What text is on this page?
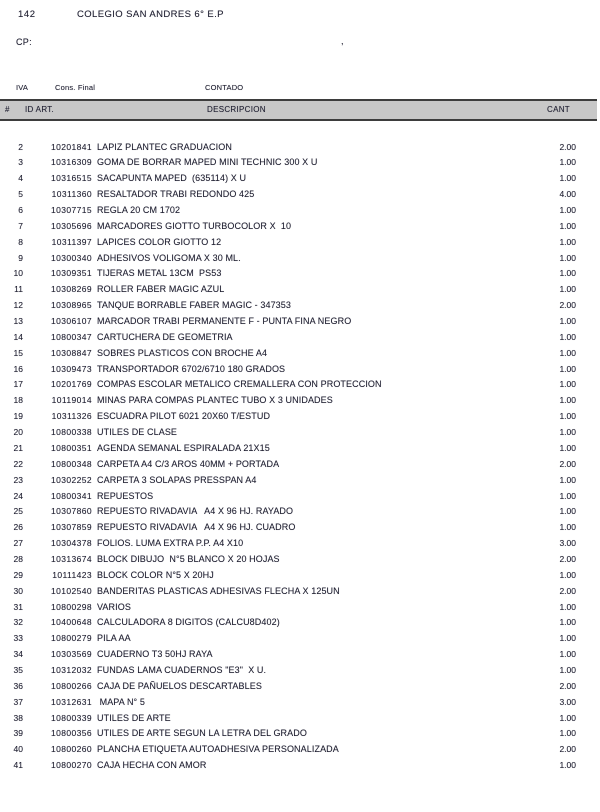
142	COLEGIO SAN ANDRES 6° E.P
CP:	,
IVA	Cons. Final	CONTADO
# ID ART.	DESCRIPCION	CANT
2	10201841 LAPIZ PLANTEC GRADUACION	2.00
3	10316309 GOMA DE BORRAR MAPED MINI TECHNIC 300 X U	1.00
4	10316515 SACAPUNTA MAPED  (635114) X U	1.00
5	10311360 RESALTADOR TRABI REDONDO 425	4.00
6	10307715 REGLA 20 CM 1702	1.00
7	10305696 MARCADORES GIOTTO TURBOCOLOR X  10	1.00
8	10311397 LAPICES COLOR GIOTTO 12	1.00
9	10300340 ADHESIVOS VOLIGOMA X 30 ML.	1.00
10	10309351 TIJERAS METAL 13CM  PS53	1.00
11	10308269 ROLLER FABER MAGIC AZUL	1.00
12	10308965 TANQUE BORRABLE FABER MAGIC - 347353	2.00
13	10306107 MARCADOR TRABI PERMANENTE F - PUNTA FINA NEGRO	1.00
14	10800347 CARTUCHERA DE GEOMETRIA	1.00
15	10308847 SOBRES PLASTICOS CON BROCHE A4	1.00
16	10309473 TRANSPORTADOR 6702/6710 180 GRADOS	1.00
17	10201769 COMPAS ESCOLAR METALICO CREMALLERA CON PROTECCION	1.00
18	10119014 MINAS PARA COMPAS PLANTEC TUBO X 3 UNIDADES	1.00
19	10311326 ESCUADRA PILOT 6021 20X60 T/ESTUD	1.00
20	10800338 UTILES DE CLASE	1.00
21	10800351 AGENDA SEMANAL ESPIRALADA 21X15	1.00
22	10800348 CARPETA A4 C/3 AROS 40MM + PORTADA	2.00
23	10302252 CARPETA 3 SOLAPAS PRESSPAN A4	1.00
24	10800341 REPUESTOS	1.00
25	10307860 REPUESTO RIVADAVIA   A4 X 96 HJ. RAYADO	1.00
26	10307859 REPUESTO RIVADAVIA   A4 X 96 HJ. CUADRO	1.00
27	10304378 FOLIOS. LUMA EXTRA P.P. A4 X10	3.00
28	10313674 BLOCK DIBUJO  N°5 BLANCO X 20 HOJAS	2.00
29	10111423 BLOCK COLOR N°5 X 20HJ	1.00
30	10102540 BANDERITAS PLASTICAS ADHESIVAS FLECHA X 125UN	2.00
31	10800298 VARIOS	1.00
32	10400648 CALCULADORA 8 DIGITOS (CALCU8D402)	1.00
33	10800279 PILA AA	1.00
34	10303569 CUADERNO T3 50HJ RAYA	1.00
35	10312032 FUNDAS LAMA CUADERNOS "E3"  X U.	1.00
36	10800266 CAJA DE PAÑUELOS DESCARTABLES	2.00
37	10312631 MAPA N° 5	3.00
38	10800339 UTILES DE ARTE	1.00
39	10800356 UTILES DE ARTE SEGUN LA LETRA DEL GRADO	1.00
40	10800260 PLANCHA ETIQUETA AUTOADHESIVA PERSONALIZADA	2.00
41	10800270 CAJA HECHA CON AMOR	1.00
